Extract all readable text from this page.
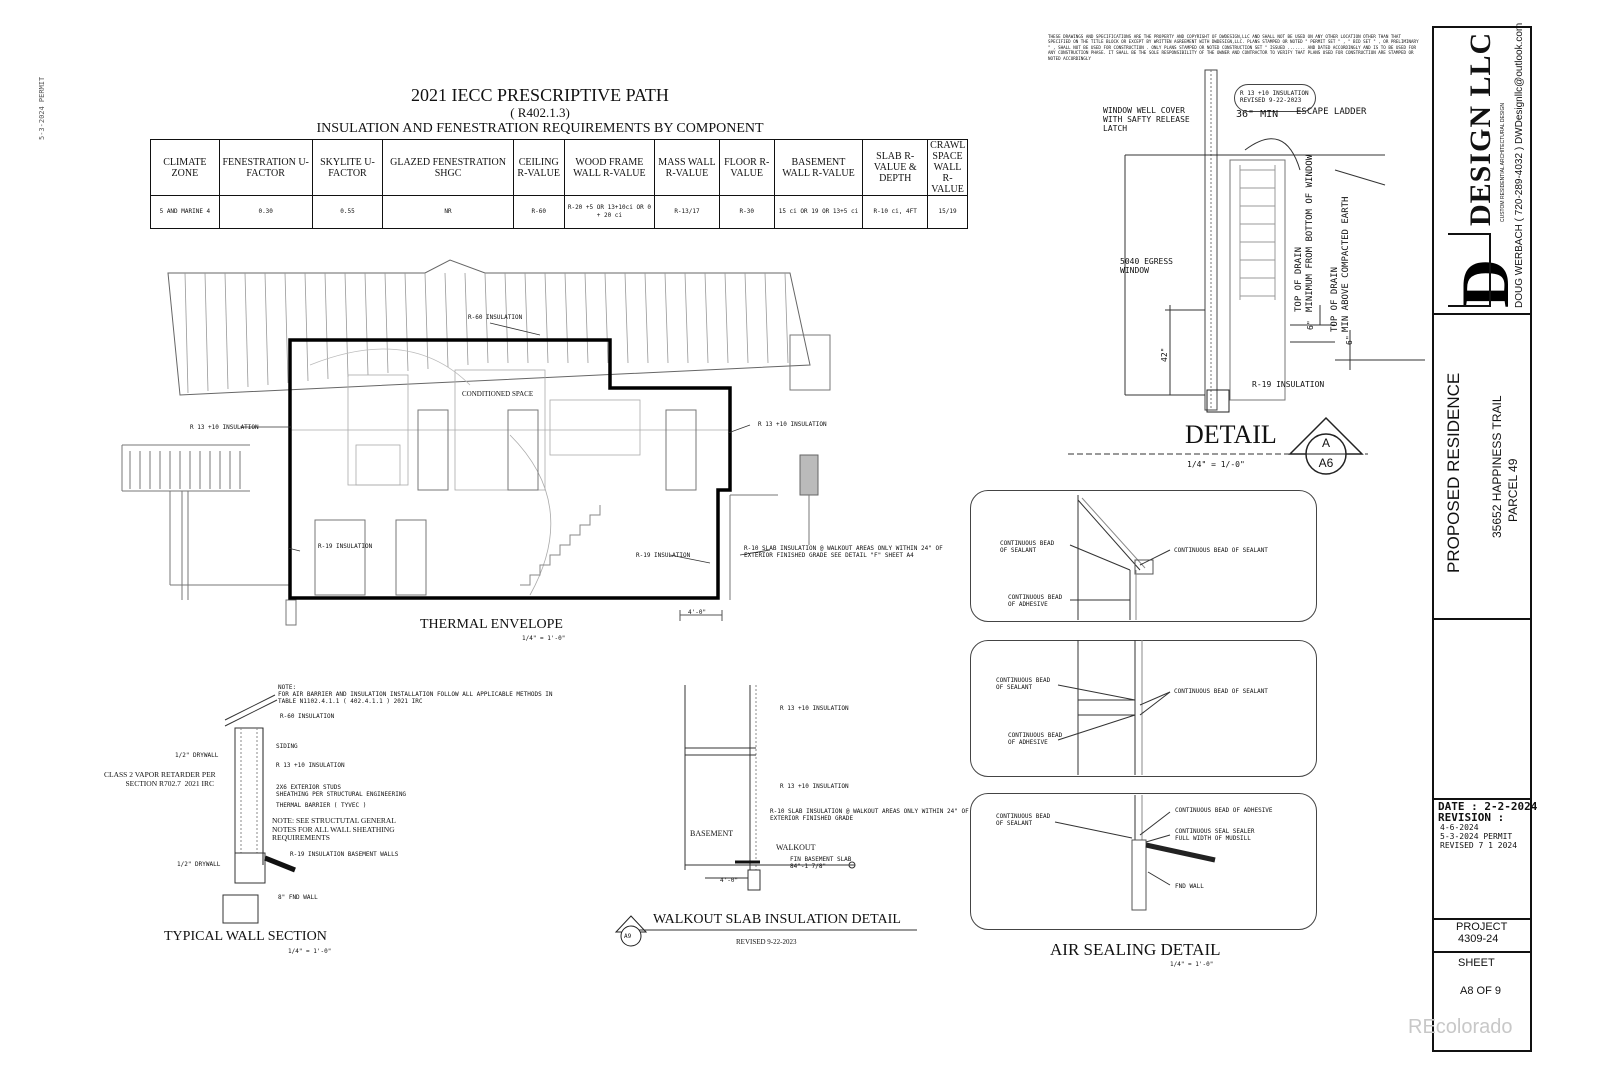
5-3-2024 PERMIT	2021 IECC PRESCRIPTIVE PATH
( R402.1.3)
INSULATION AND FENESTRATION REQUIREMENTS BY COMPONENT
CLIMATE ZONE	FENESTRATION U-FACTOR	SKYLITE U-FACTOR	GLAZED FENESTRATION SHGC	CEILING R-VALUE	WOOD FRAME WALL R-VALUE	MASS WALL R-VALUE	FLOOR R-VALUE	BASEMENT WALL R-VALUE	SLAB R-VALUE & DEPTH	CRAWL SPACE WALL R-VALUE
5 AND MARINE 4	0.30	0.55	NR	R-60	R-20 +5 OR 13+10ci OR 0 + 20 ci	R-13/17	R-30	15 ci OR 19 OR 13+5 ci	R-10 ci, 4FT	15/19
R-60 INSULATION
R 13 +10 INSULATION	R 13 +10 INSULATION
CONDITIONED SPACE
R-19 INSULATION
R-19 INSULATION
R-10 SLAB INSULATION @ WALKOUT AREAS ONLY WITHIN 24" OF EXTERIOR FINISHED GRADE SEE DETAIL "F" SHEET A4
4'-0"
THERMAL ENVELOPE
1/4" = 1'-0"
THESE DRAWINGS AND SPECIFICATIONS ARE THE PROPERTY AND COPYRIGHT OF DWDESIGN,LLC AND SHALL NOT BE USED ON ANY OTHER LOCATION OTHER THAN THAT SPECIFIED ON THE TITLE BLOCK OR EXCEPT BY WRITTEN AGREEMENT WITH DWDESIGN,LLC. PLANS STAMPED OR NOTED " PERMIT SET " , " BID SET " , OR PRELIMINARY " , SHALL NOT BE USED FOR CONSTRUCTION . ONLY PLANS STAMPED OR NOTED CONSTRUCTION SET " ISSUED ....... AND DATED ACCORDINGLY AND IS TO BE USED FOR ANY CONSTRUCTION PHASE. IT SHALL BE THE SOLE RESPONSIBILITY OF THE OWNER AND CONTRACTOR TO VERIFY THAT PLANS USED FOR CONSTRUCTION ARE STAMPED OR NOTED ACCORDINGLY
R 13 +10 INSULATION
REVISED 9-22-2023
WINDOW WELL COVER
WITH SAFTY RELEASE
LATCH
36" MIN ESCAPE LADDER
5040 EGRESS
WINDOW
42"
TOP OF DRAIN
MINIMUM FROM BOTTOM OF WINDOW
TOP OF DRAIN
MIN ABOVE COMPACTED EARTH
6"
6"
R-19 INSULATION
DETAIL
1/4" = 1/-0"
A
A6
CONTINUOUS BEAD
OF SEALANT	CONTINUOUS BEAD OF SEALANT
CONTINUOUS BEAD
OF ADHESIVE
CONTINUOUS BEAD
OF SEALANT
CONTINUOUS BEAD OF SEALANT
CONTINUOUS BEAD
OF ADHESIVE
CONTINUOUS BEAD
OF SEALANT
CONTINUOUS BEAD OF ADHESIVE
CONTINUOUS SEAL SEALER
FULL WIDTH OF MUDSILL
FND WALL
AIR SEALING DETAIL
1/4" = 1'-0"
NOTE:
FOR AIR BARRIER AND INSULATION INSTALLATION FOLLOW ALL APPLICABLE METHODS IN TABLE N1102.4.1.1 ( 402.4.1.1 ) 2021 IRC
R-60 INSULATION
SIDING
1/2" DRYWALL
R 13 +10 INSULATION
CLASS 2 VAPOR RETARDER PER
SECTION R702.7  2021 IRC	2X6 EXTERIOR STUDS
SHEATHING PER STRUCTURAL ENGINEERING
THERMAL BARRIER ( TYVEC )
NOTE: SEE STRUCTUTAL GENERAL
NOTES FOR ALL WALL SHEATHING
REQUIREMENTS
R-19 INSULATION BASEMENT WALLS
1/2" DRYWALL
8" FND WALL
TYPICAL WALL SECTION
1/4" = 1'-0"
R 13 +10 INSULATION
R 13 +10 INSULATION
R-10 SLAB INSULATION @ WALKOUT AREAS ONLY WITHIN 24" OF
EXTERIOR FINISHED GRADE
BASEMENT
WALKOUT
FIN BASEMENT SLAB
84"-1 7/8"
4'-0"
A9
WALKOUT SLAB INSULATION DETAIL
REVISED 9-22-2023
D
DESIGN LLC CUSTOM RESIDENTIAL ARCHITECTURAL DESIGN DOUG WERBACH ( 720-289-4032 ) DWDesignllc@outlook.com
PROPOSED RESIDENCE 35652 HAPPINESS TRAIL PARCEL 49
DATE : 2-2-2024
REVISION :
4-6-2024
5-3-2024 PERMIT
REVISED 7 1 2024
PROJECT
4309-24
SHEET
A8 OF 9
REcolorado
